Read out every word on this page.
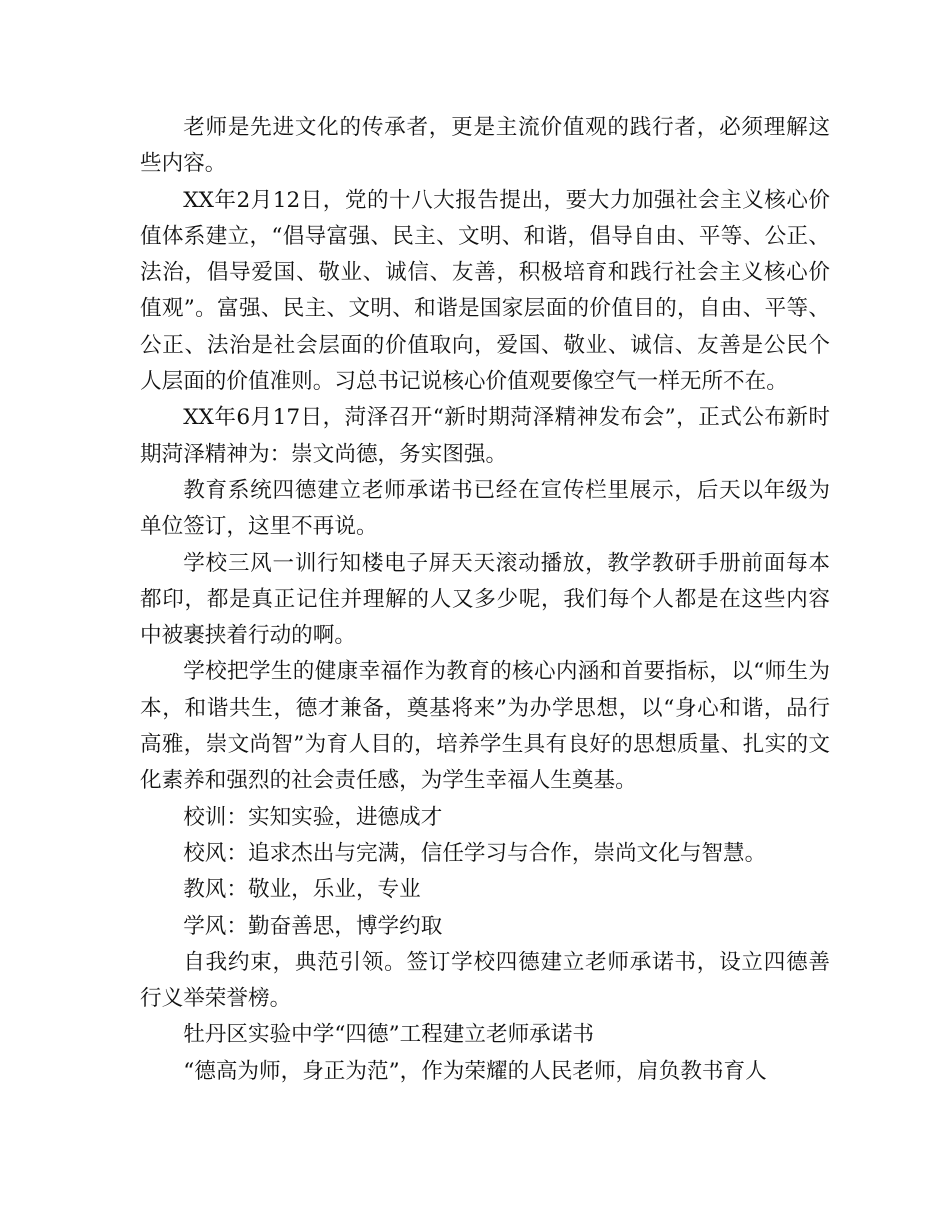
老师是先进文化的传承者，更是主流价值观的践行者，必须理解这些内容。

XX年2月12日，党的十八大报告提出，要大力加强社会主义核心价值体系建立，“倡导富强、民主、文明、和谐，倡导自由、平等、公正、法治，倡导爱国、敬业、诚信、友善，积极培育和践行社会主义核心价值观”。富强、民主、文明、和谐是国家层面的价值目的，自由、平等、公正、法治是社会层面的价值取向，爱国、敬业、诚信、友善是公民个人层面的价值准则。习总书记说核心价值观要像空气一样无所不在。

XX年6月17日，菏泽召开“新时期菏泽精神发布会”，正式公布新时期菏泽精神为：崇文尚德，务实图强。

教育系统四德建立老师承诺书已经在宣传栏里展示，后天以年级为单位签订，这里不再说。

学校三风一训行知楼电子屏天天滚动播放，教学教研手册前面每本都印，都是真正记住并理解的人又多少呢，我们每个人都是在这些内容中被裹挟着行动的啊。

学校把学生的健康幸福作为教育的核心内涵和首要指标，以“师生为本，和谐共生，德才兼备，奠基将来”为办学思想，以“身心和谐，品行高雅，崇文尚智”为育人目的，培养学生具有良好的思想质量、扎实的文化素养和强烈的社会责任感，为学生幸福人生奠基。

校训：实知实验，进德成才

校风：追求杰出与完满，信任学习与合作，崇尚文化与智慧。

教风：敬业，乐业，专业

学风：勤奋善思，博学约取

自我约束，典范引领。签订学校四德建立老师承诺书，设立四德善行义举荣誉榜。

牡丹区实验中学“四德”工程建立老师承诺书

“德高为师，身正为范”，作为荣耀的人民老师，肩负教书育人
